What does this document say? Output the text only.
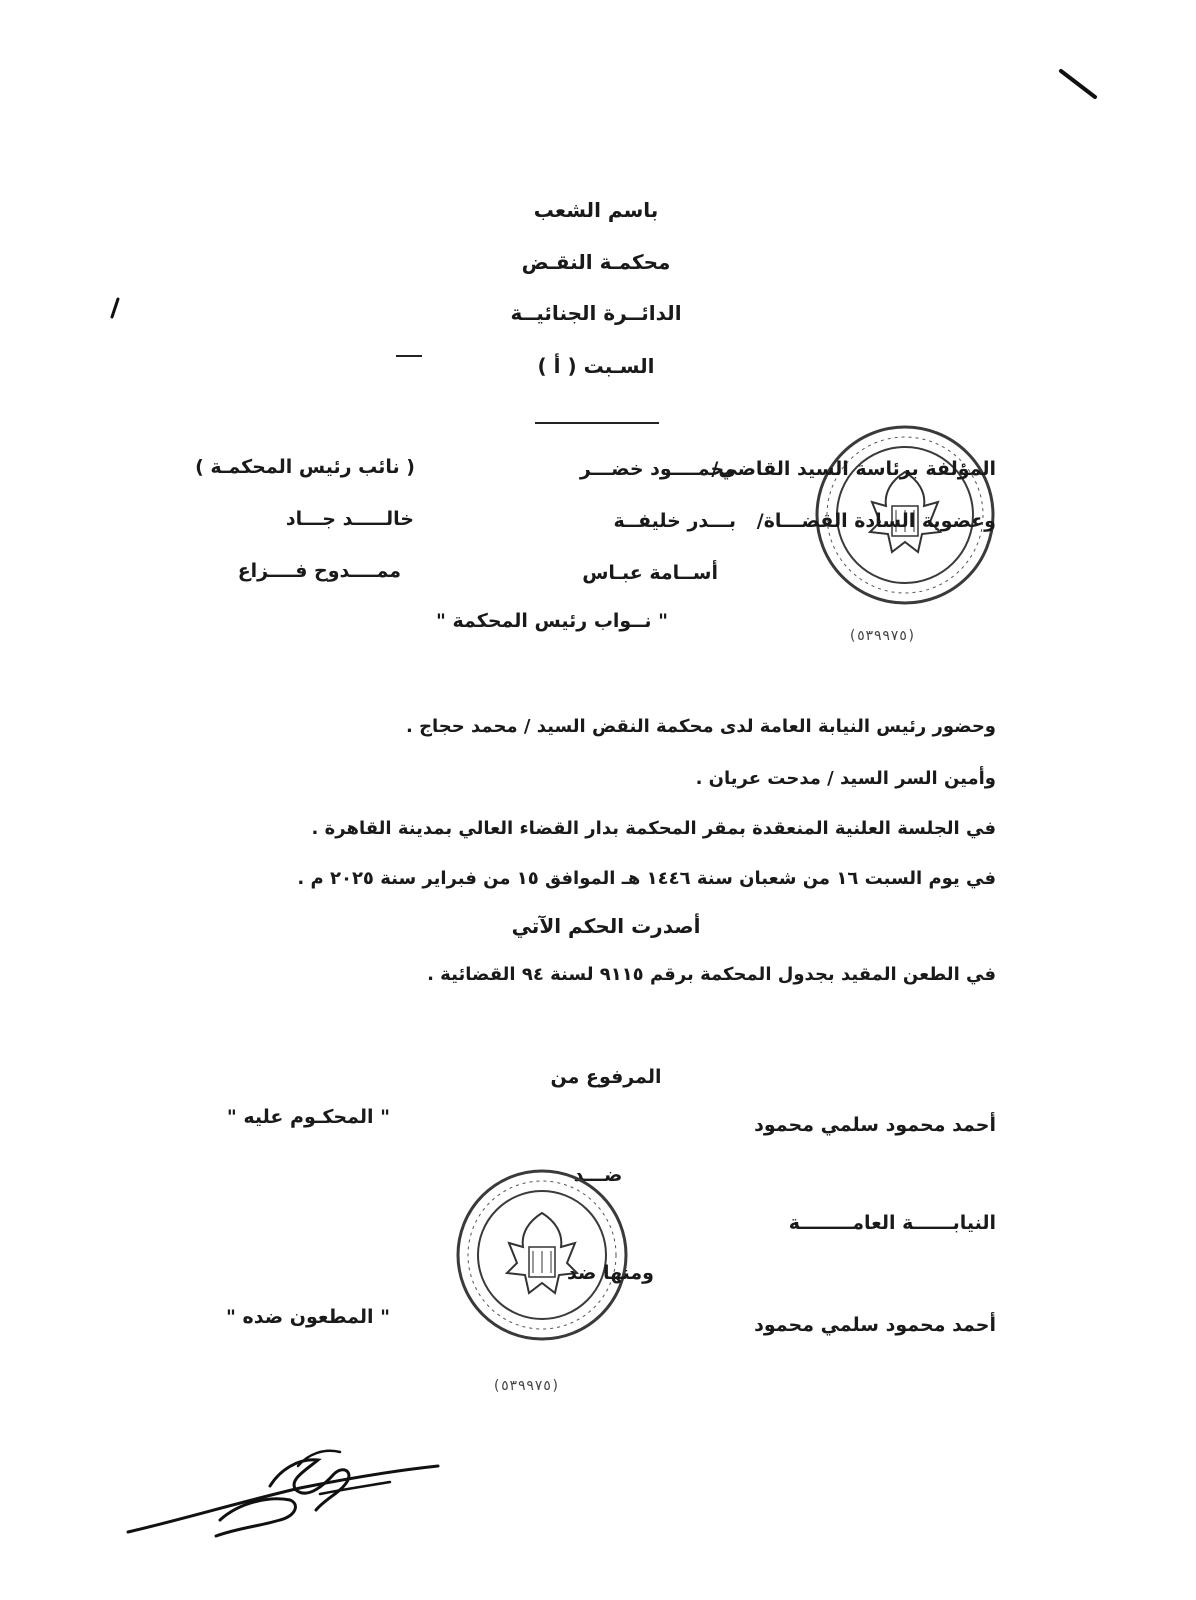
باسم الشعب
محكمـة النقـض
الدائــرة الجنائيــة
السـبت ( أ )
(٥٣٩٩٧٥)
المؤلفة برئاسة السيد القاضي/
محمــــود خضـــر
( نائب رئيس المحكمـة )
وعضوية السادة القضـــاة/
بـــدر خليفــة
خالـــــد جـــاد
أســامة عبـاس
ممــــدوح فــــزاع
" نــواب رئيس المحكمة "
وحضور رئيس النيابة العامة لدى محكمة النقض السيد / محمد حجاج .
وأمين السر السيد / مدحت عريان .
في الجلسة العلنية المنعقدة بمقر المحكمة بدار القضاء العالي بمدينة القاهرة .
في يوم السبت ١٦ من شعبان سنة ١٤٤٦ هـ الموافق ١٥ من فبراير سنة ٢٠٢٥ م .
أصدرت الحكم الآتي
في الطعن المقيد بجدول المحكمة برقم ٩١١٥ لسنة ٩٤ القضائية .
المرفوع من
أحمد محمود سلمي محمود
" المحكـوم عليه "
ضـــد
النيابــــــة العامــــــــة
(٥٣٩٩٧٥)
ومنها ضد
أحمد محمود سلمي محمود
" المطعون ضده "
